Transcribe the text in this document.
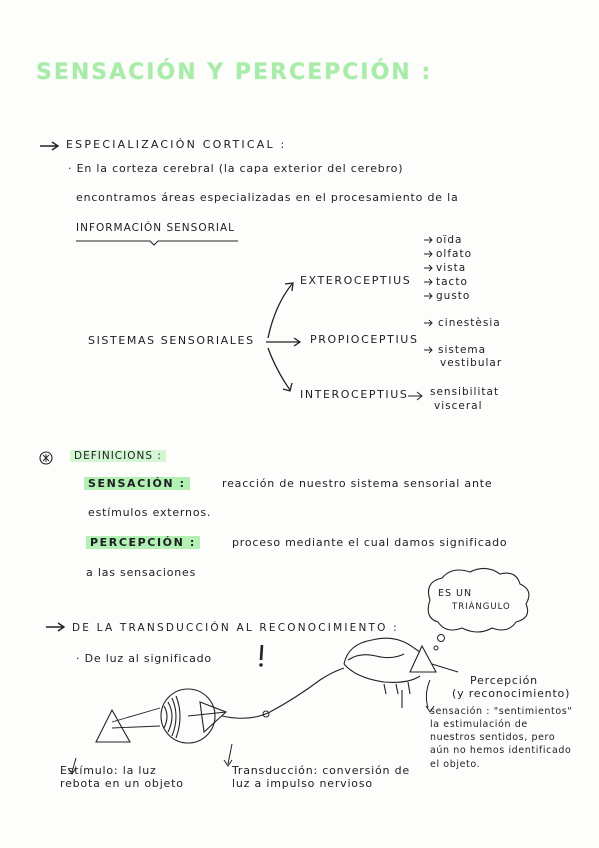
SENSACIÓN Y PERCEPCIÓN :
ESPECIALIZACIÓN CORTICAL :
· En la corteza cerebral (la capa exterior del cerebro)
encontramos áreas especializadas en el procesamiento de la
INFORMACIÓN SENSORIAL
SISTEMAS SENSORIALES
EXTEROCEPTIUS
PROPIOCEPTIUS
INTEROCEPTIUS
oïda
olfato
vista
tacto
gusto
cinestèsia
sistema
vestibular
sensibilitat
visceral
DEFINICIONS :
SENSACIÓN :	reacción de nuestro sistema sensorial ante
estímulos externos.
PERCEPCIÓN :	proceso mediante el cual damos significado
a las sensaciones
DE LA TRANSDUCCIÓN AL RECONOCIMIENTO :
· De luz al significado
ES UN
TRIÁNGULO
Percepción
(y reconocimiento)
sensación : "sentimientos"
la estimulación de
nuestros sentidos, pero
aún no hemos identificado
el objeto.
Estímulo: la luz
rebota en un objeto
Transducción: conversión de
luz a impulso nervioso
